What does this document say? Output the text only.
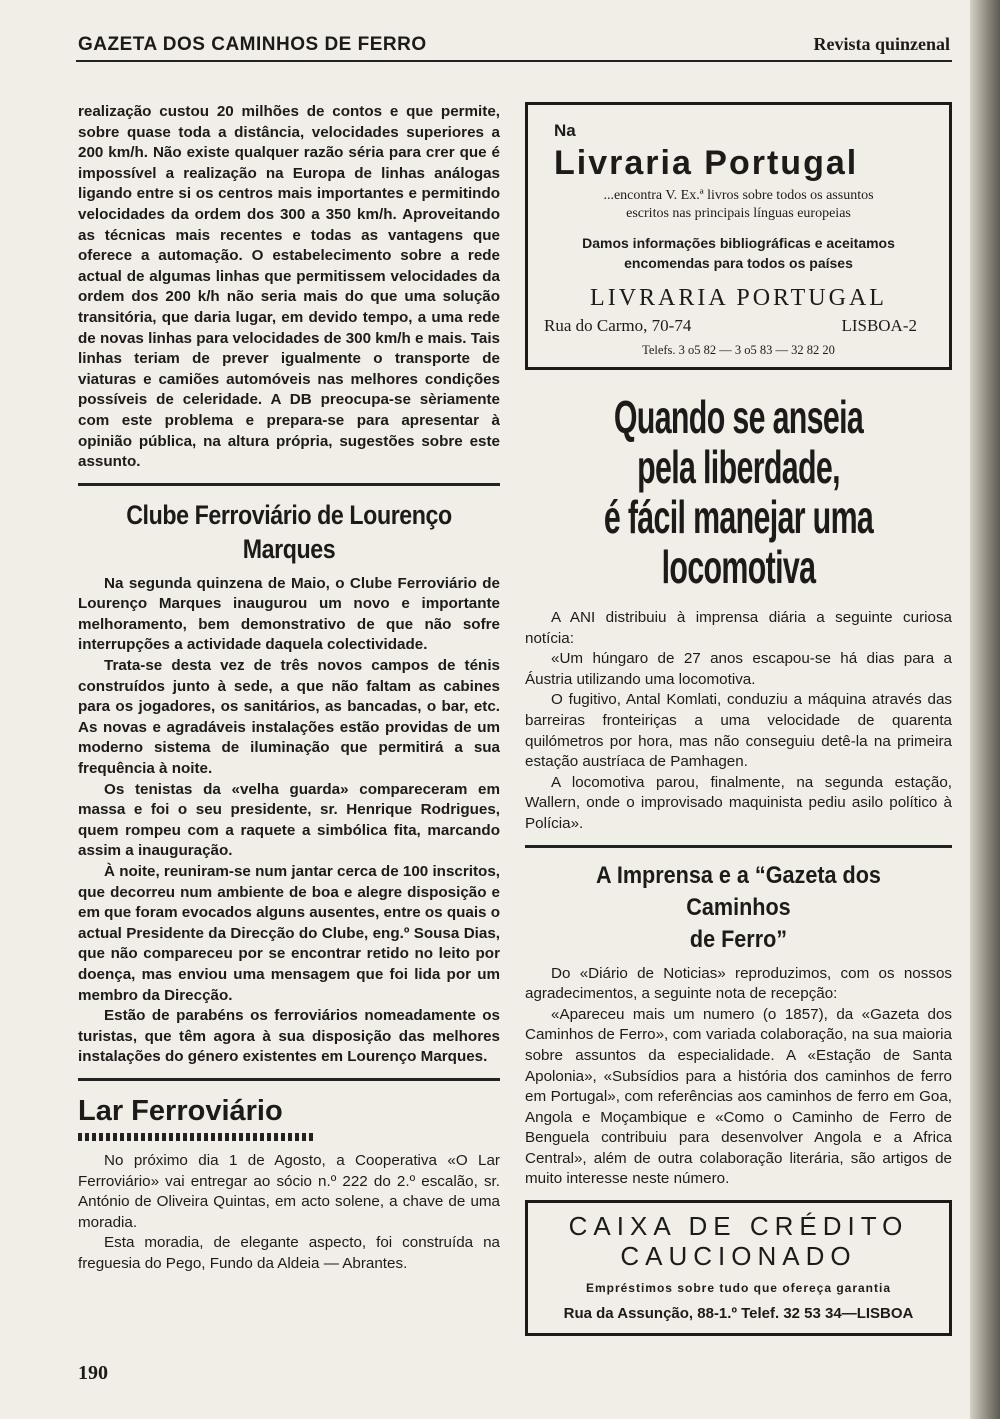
GAZETA DOS CAMINHOS DE FERRO	Revista quinzenal

realização custou 20 milhões de contos e que permite, sobre quase toda a distância, velocidades superiores a 200 km/h. Não existe qualquer razão séria para crer que é impossível a realização na Europa de linhas análogas ligando entre si os centros mais importantes e permitindo velocidades da ordem dos 300 a 350 km/h. Aproveitando as técnicas mais recentes e todas as vantagens que oferece a automação. O estabelecimento sobre a rede actual de algumas linhas que permitissem velocidades da ordem dos 200 k/h não seria mais do que uma solução transitória, que daria lugar, em devido tempo, a uma rede de novas linhas para velocidades de 300 km/h e mais. Tais linhas teriam de prever igualmente o transporte de viaturas e camiões automóveis nas melhores condições possíveis de celeridade. A DB preocupa-se sèriamente com este problema e prepara-se para apresentar à opinião pública, na altura própria, sugestões sobre este assunto.

Clube Ferroviário de Lourenço Marques

Na segunda quinzena de Maio, o Clube Ferroviário de Lourenço Marques inaugurou um novo e importante melhoramento, bem demonstrativo de que não sofre interrupções a actividade daquela colectividade.

Trata-se desta vez de três novos campos de ténis construídos junto à sede, a que não faltam as cabines para os jogadores, os sanitários, as bancadas, o bar, etc. As novas e agradáveis instalações estão providas de um moderno sistema de iluminação que permitirá a sua frequência à noite.

Os tenistas da «velha guarda» compareceram em massa e foi o seu presidente, sr. Henrique Rodrigues, quem rompeu com a raquete a simbólica fita, marcando assim a inauguração.

À noite, reuniram-se num jantar cerca de 100 inscritos, que decorreu num ambiente de boa e alegre disposição e em que foram evocados alguns ausentes, entre os quais o actual Presidente da Direcção do Clube, eng.º Sousa Dias, que não compareceu por se encontrar retido no leito por doença, mas enviou uma mensagem que foi lida por um membro da Direcção.

Estão de parabéns os ferroviários nomeadamente os turistas, que têm agora à sua disposição das melhores instalações do género existentes em Lourenço Marques.

Lar Ferroviário

No próximo dia 1 de Agosto, a Cooperativa «O Lar Ferroviário» vai entregar ao sócio n.º 222 do 2.º escalão, sr. António de Oliveira Quintas, em acto solene, a chave de uma moradia.

Esta moradia, de elegante aspecto, foi construída na freguesia do Pego, Fundo da Aldeia — Abrantes.

Na
Livraria Portugal
...encontra V. Ex.ª livros sobre todos os assuntos
escritos nas principais línguas europeias
Damos informações bibliográficas e aceitamos
encomendas para todos os países
LIVRARIA PORTUGAL
Rua do Carmo, 70-74	LISBOA-2
Telefs. 3 o5 82 — 3 o5 83 — 32 82 20
Quando se anseia pela liberdade,
é fácil manejar uma locomotiva

A ANI distribuiu à imprensa diária a seguinte curiosa notícia:

«Um húngaro de 27 anos escapou-se há dias para a Áustria utilizando uma locomotiva.

O fugitivo, Antal Komlati, conduziu a máquina através das barreiras fronteiriças a uma velocidade de quarenta quilómetros por hora, mas não conseguiu detê-la na primeira estação austríaca de Pamhagen.

A locomotiva parou, finalmente, na segunda estação, Wallern, onde o improvisado maquinista pediu asilo político à Polícia».

A Imprensa e a “Gazeta dos Caminhos
de Ferro”

Do «Diário de Noticias» reproduzimos, com os nossos agradecimentos, a seguinte nota de recepção:

«Apareceu mais um numero (o 1857), da «Gazeta dos Caminhos de Ferro», com variada colaboração, na sua maioria sobre assuntos da especialidade. A «Estação de Santa Apolonia», «Subsídios para a história dos caminhos de ferro em Portugal», com referências aos caminhos de ferro em Goa, Angola e Moçambique e «Como o Caminho de Ferro de Benguela contribuiu para desenvolver Angola e a Africa Central», além de outra colaboração literária, são artigos de muito interesse neste número.

CAIXA DE CRÉDITO
CAUCIONADO
Empréstimos sobre tudo que ofereça garantia
Rua da Assunção, 88-1.º Telef. 32 53 34—LISBOA
190
